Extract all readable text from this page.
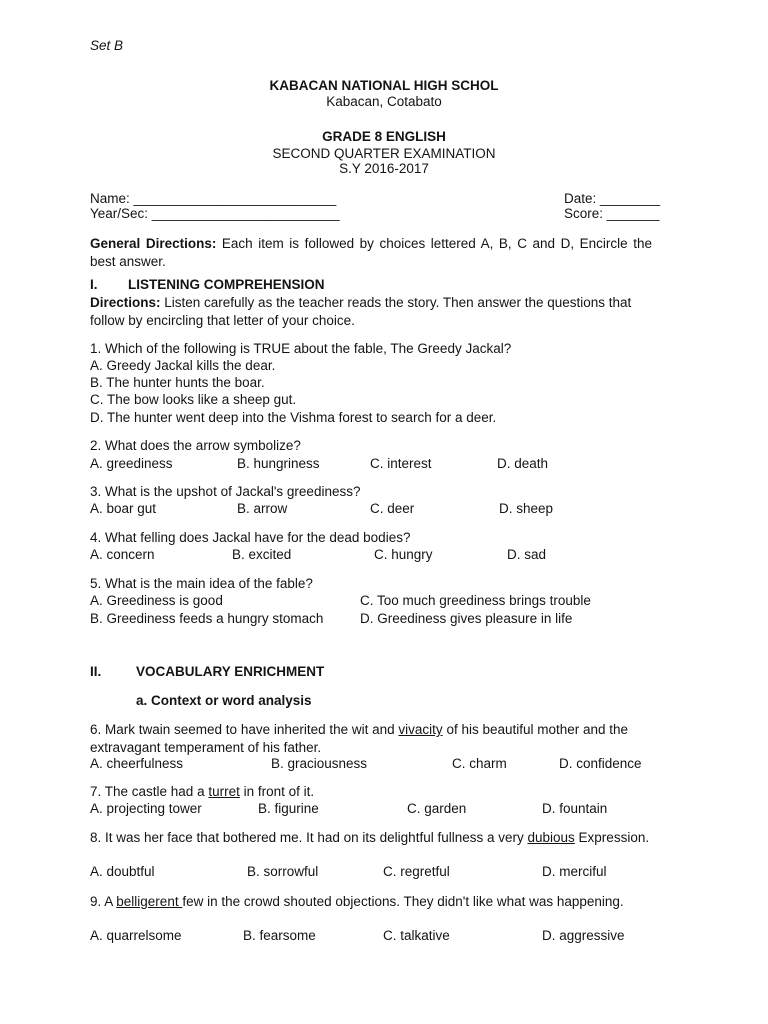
Set B
KABACAN NATIONAL HIGH SCHOL
Kabacan, Cotabato
GRADE 8 ENGLISH
SECOND QUARTER EXAMINATION
S.Y 2016-2017
Name: ___________________________
Year/Sec: _________________________
Date: ________
Score: _______
General Directions: Each item is followed by choices lettered A, B, C and D, Encircle the best answer.
I. LISTENING COMPREHENSION
Directions: Listen carefully as the teacher reads the story. Then answer the questions that follow by encircling that letter of your choice.
1. Which of the following is TRUE about the fable, The Greedy Jackal?
A. Greedy Jackal kills the dear.
B. The hunter hunts the boar.
C. The bow looks like a sheep gut.
D. The hunter went deep into the Vishma forest to search for a deer.
2. What does the arrow symbolize?
A. greediness	B. hungriness	C. interest	D. death
3. What is the upshot of Jackal's greediness?
A. boar gut	B. arrow	C. deer	D. sheep
4. What felling does Jackal have for the dead bodies?
A. concern	B. excited	C. hungry	D. sad
5. What is the main idea of the fable?
A. Greediness is good
B. Greediness feeds a hungry stomach
C. Too much greediness brings trouble
D. Greediness gives pleasure in life
II.	VOCABULARY ENRICHMENT
a. Context or word analysis
6. Mark twain seemed to have inherited the wit and vivacity of his beautiful mother and the extravagant temperament of his father.
A. cheerfulness	B. graciousness	C. charm	D. confidence
7. The castle had a turret in front of it.
A. projecting tower	B. figurine	C. garden	D. fountain
8. It was her face that bothered me. It had on its delightful fullness a very dubious Expression.
A. doubtful	B. sorrowful	C. regretful	D. merciful
9. A belligerent few in the crowd shouted objections. They didn't like what was happening.
A. quarrelsome	B. fearsome	C. talkative	D. aggressive
